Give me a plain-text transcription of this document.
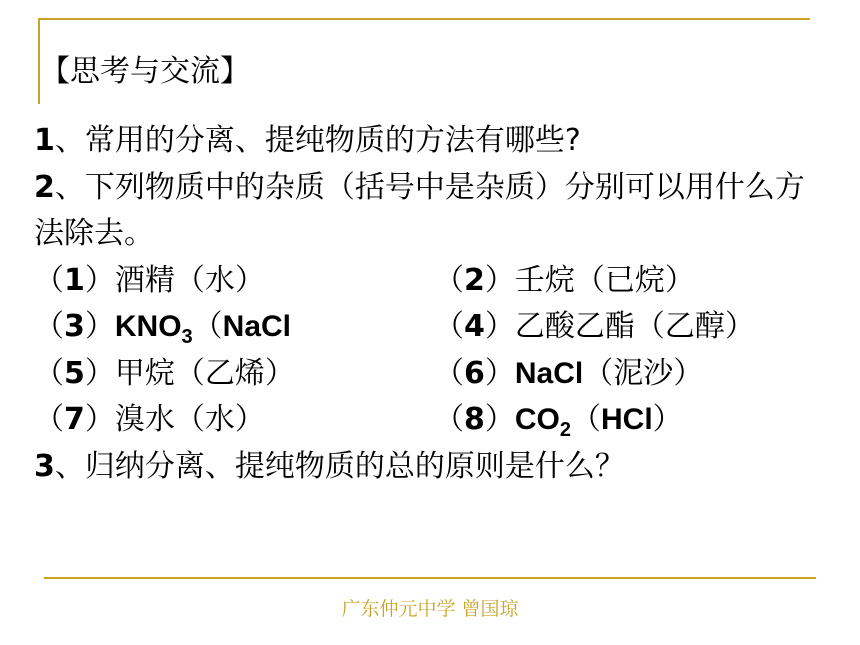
【思考与交流】
1、常用的分离、提纯物质的方法有哪些?
2、下列物质中的杂质（括号中是杂质）分别可以用什么方法除去。
（1）酒精（水）	（2）壬烷（已烷）
$(3)KNO_3(NaCl$	（4）乙酸乙酯（乙醇）
（5）甲烷（乙烯）	（6）NaCl（泥沙）
（7）溴水（水）	$(8)CO_2(HCl)$
3、归纳分离、提纯物质的总的原则是什么？
广东仲元中学 曾国琼
